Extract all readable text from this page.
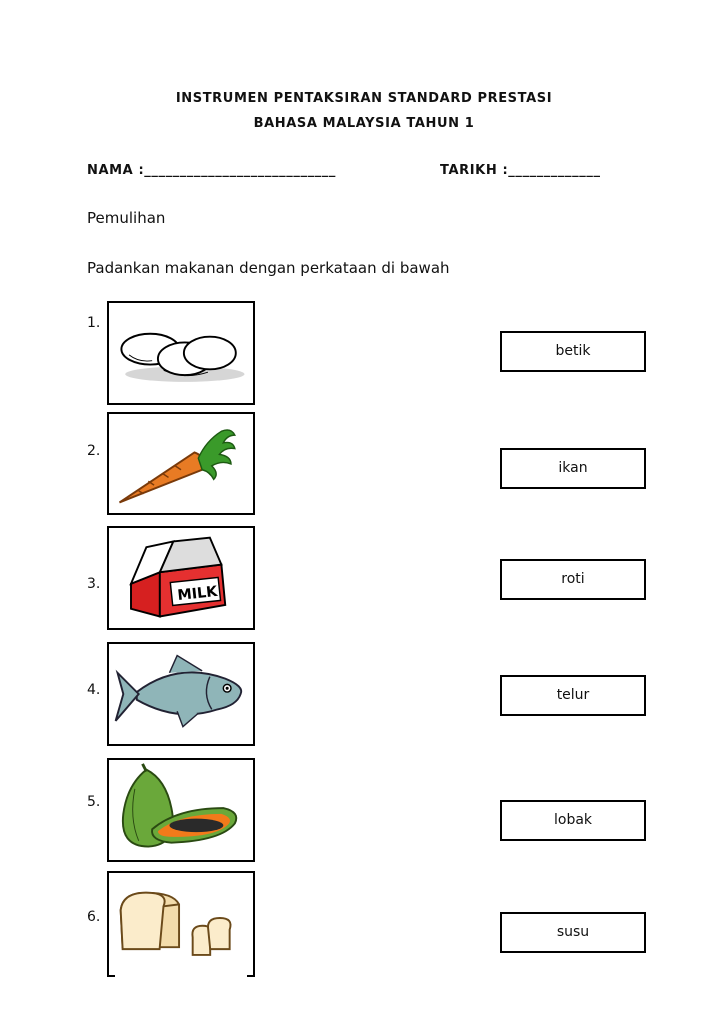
INSTRUMEN PENTAKSIRAN STANDARD PRESTASI
BAHASA MALAYSIA TAHUN 1
NAMA :___________________________	TARIKH :_____________
Pemulihan
Padankan makanan dengan perkataan di bawah
1.
2.
3.
4.
5.
6.
MILK
betik
ikan
roti
telur
lobak
susu
